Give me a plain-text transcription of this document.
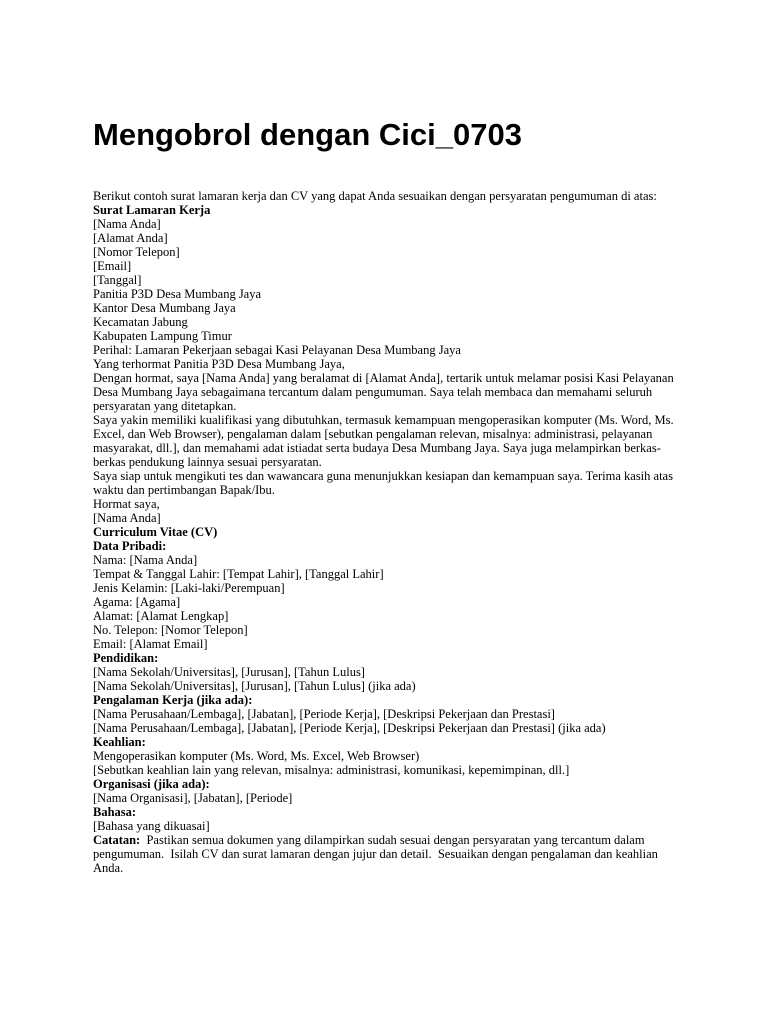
Mengobrol dengan Cici_0703
Berikut contoh surat lamaran kerja dan CV yang dapat Anda sesuaikan dengan persyaratan pengumuman di atas:
Surat Lamaran Kerja
[Nama Anda]
[Alamat Anda]
[Nomor Telepon]
[Email]
[Tanggal]
Panitia P3D Desa Mumbang Jaya
Kantor Desa Mumbang Jaya
Kecamatan Jabung
Kabupaten Lampung Timur
Perihal: Lamaran Pekerjaan sebagai Kasi Pelayanan Desa Mumbang Jaya
Yang terhormat Panitia P3D Desa Mumbang Jaya,
Dengan hormat, saya [Nama Anda] yang beralamat di [Alamat Anda], tertarik untuk melamar posisi Kasi Pelayanan Desa Mumbang Jaya sebagaimana tercantum dalam pengumuman. Saya telah membaca dan memahami seluruh persyaratan yang ditetapkan.
Saya yakin memiliki kualifikasi yang dibutuhkan, termasuk kemampuan mengoperasikan komputer (Ms. Word, Ms. Excel, dan Web Browser), pengalaman dalam [sebutkan pengalaman relevan, misalnya: administrasi, pelayanan masyarakat, dll.], dan memahami adat istiadat serta budaya Desa Mumbang Jaya. Saya juga melampirkan berkas-berkas pendukung lainnya sesuai persyaratan.
Saya siap untuk mengikuti tes dan wawancara guna menunjukkan kesiapan dan kemampuan saya. Terima kasih atas waktu dan pertimbangan Bapak/Ibu.
Hormat saya,
[Nama Anda]
Curriculum Vitae (CV)
Data Pribadi:
Nama: [Nama Anda]
Tempat & Tanggal Lahir: [Tempat Lahir], [Tanggal Lahir]
Jenis Kelamin: [Laki-laki/Perempuan]
Agama: [Agama]
Alamat: [Alamat Lengkap]
No. Telepon: [Nomor Telepon]
Email: [Alamat Email]
Pendidikan:
[Nama Sekolah/Universitas], [Jurusan], [Tahun Lulus]
[Nama Sekolah/Universitas], [Jurusan], [Tahun Lulus] (jika ada)
Pengalaman Kerja (jika ada):
[Nama Perusahaan/Lembaga], [Jabatan], [Periode Kerja], [Deskripsi Pekerjaan dan Prestasi]
[Nama Perusahaan/Lembaga], [Jabatan], [Periode Kerja], [Deskripsi Pekerjaan dan Prestasi] (jika ada)
Keahlian:
Mengoperasikan komputer (Ms. Word, Ms. Excel, Web Browser)
[Sebutkan keahlian lain yang relevan, misalnya: administrasi, komunikasi, kepemimpinan, dll.]
Organisasi (jika ada):
[Nama Organisasi], [Jabatan], [Periode]
Bahasa:
[Bahasa yang dikuasai]
Catatan:  Pastikan semua dokumen yang dilampirkan sudah sesuai dengan persyaratan yang tercantum dalam pengumuman.  Isilah CV dan surat lamaran dengan jujur dan detail.  Sesuaikan dengan pengalaman dan keahlian Anda.
